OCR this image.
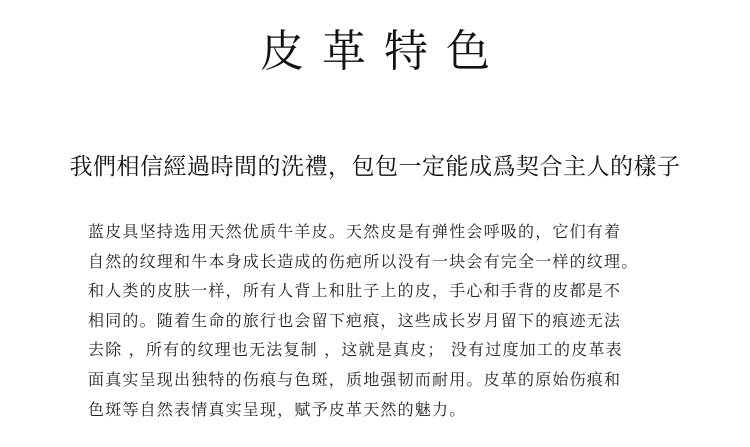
皮革特色
我們相信經過時間的洗禮，包包一定能成爲契合主人的樣子
蓝皮具坚持选用天然优质牛羊皮。天然皮是有弹性会呼吸的，它们有着
自然的纹理和牛本身成长造成的伤疤所以没有一块会有完全一样的纹理。
和人类的皮肤一样，所有人背上和肚子上的皮，手心和手背的皮都是不
相同的。随着生命的旅行也会留下疤痕，这些成长岁月留下的痕迹无法
去除 ，所有的纹理也无法复制 ，这就是真皮； 没有过度加工的皮革表
面真实呈现出独特的伤痕与色斑，质地强韧而耐用。皮革的原始伤痕和
色斑等自然表情真实呈现，赋予皮革天然的魅力。
